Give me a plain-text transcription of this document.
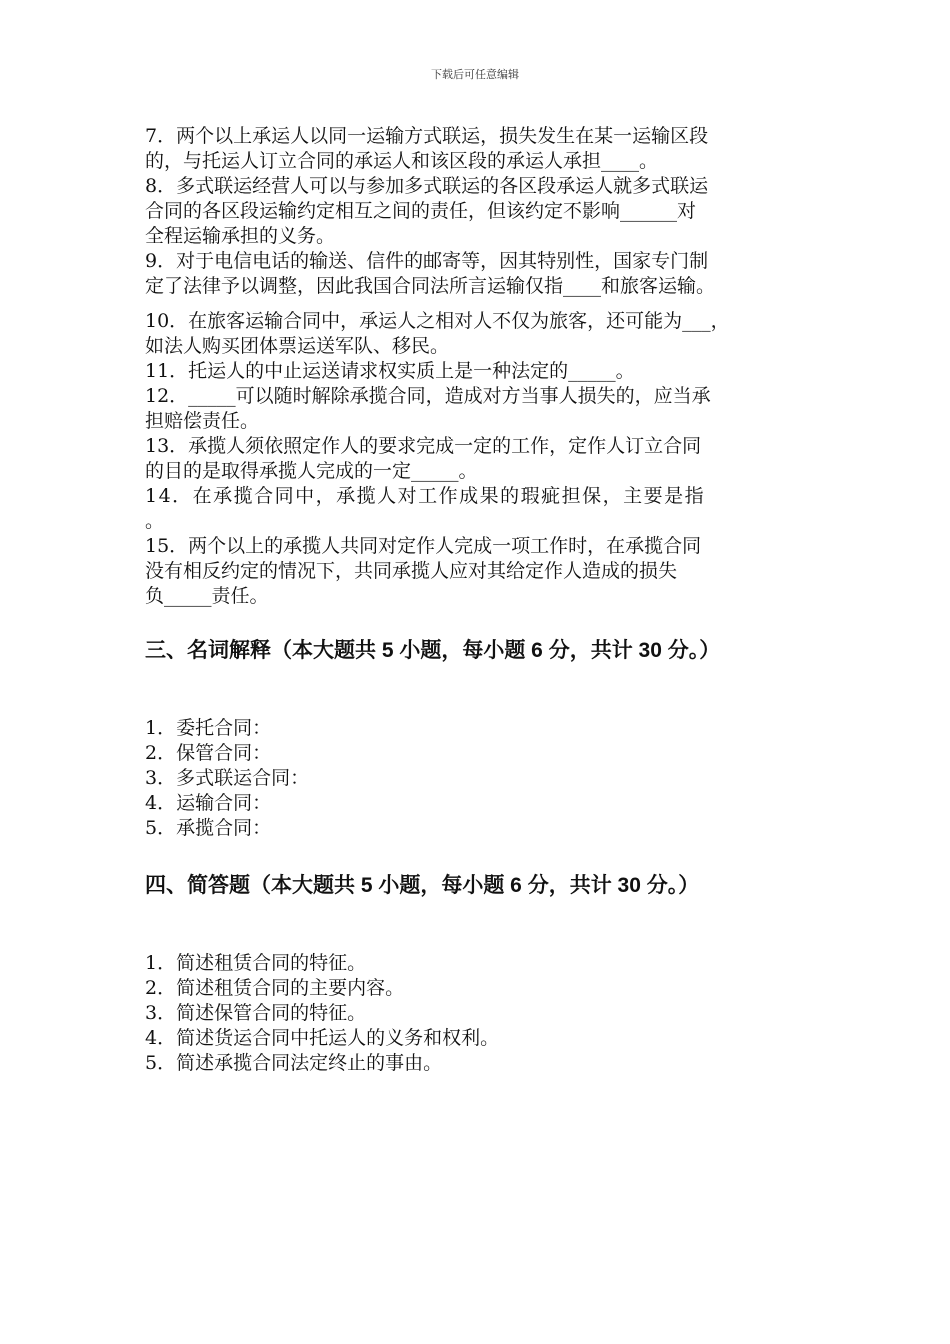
下载后可任意编辑

7．两个以上承运人以同一运输方式联运，损失发生在某一运输区段
的，与托运人订立合同的承运人和该区段的承运人承担____。

8．多式联运经营人可以与参加多式联运的各区段承运人就多式联运
合同的各区段运输约定相互之间的责任，但该约定不影响______对
全程运输承担的义务。

9．对于电信电话的输送、信件的邮寄等，因其特别性，国家专门制
定了法律予以调整，因此我国合同法所言运输仅指____和旅客运输。

10．在旅客运输合同中，承运人之相对人不仅为旅客，还可能为___，
如法人购买团体票运送军队、移民。

11．托运人的中止运送请求权实质上是一种法定的_____。

12．_____可以随时解除承揽合同，造成对方当事人损失的，应当承
担赔偿责任。

13．承揽人须依照定作人的要求完成一定的工作，定作人订立合同
的目的是取得承揽人完成的一定_____。

14．在承揽合同中，承揽人对工作成果的瑕疵担保，主要是指
。

15．两个以上的承揽人共同对定作人完成一项工作时，在承揽合同
没有相反约定的情况下，共同承揽人应对其给定作人造成的损失
负_____责任。

三、名词解释（本大题共 5 小题，每小题 6 分，共计 30 分。）

1．委托合同：

2．保管合同：

3．多式联运合同：

4．运输合同：

5．承揽合同：

四、简答题（本大题共 5 小题，每小题 6 分，共计 30 分。）

1．简述租赁合同的特征。

2．简述租赁合同的主要内容。

3．简述保管合同的特征。

4．简述货运合同中托运人的义务和权利。

5．简述承揽合同法定终止的事由。
